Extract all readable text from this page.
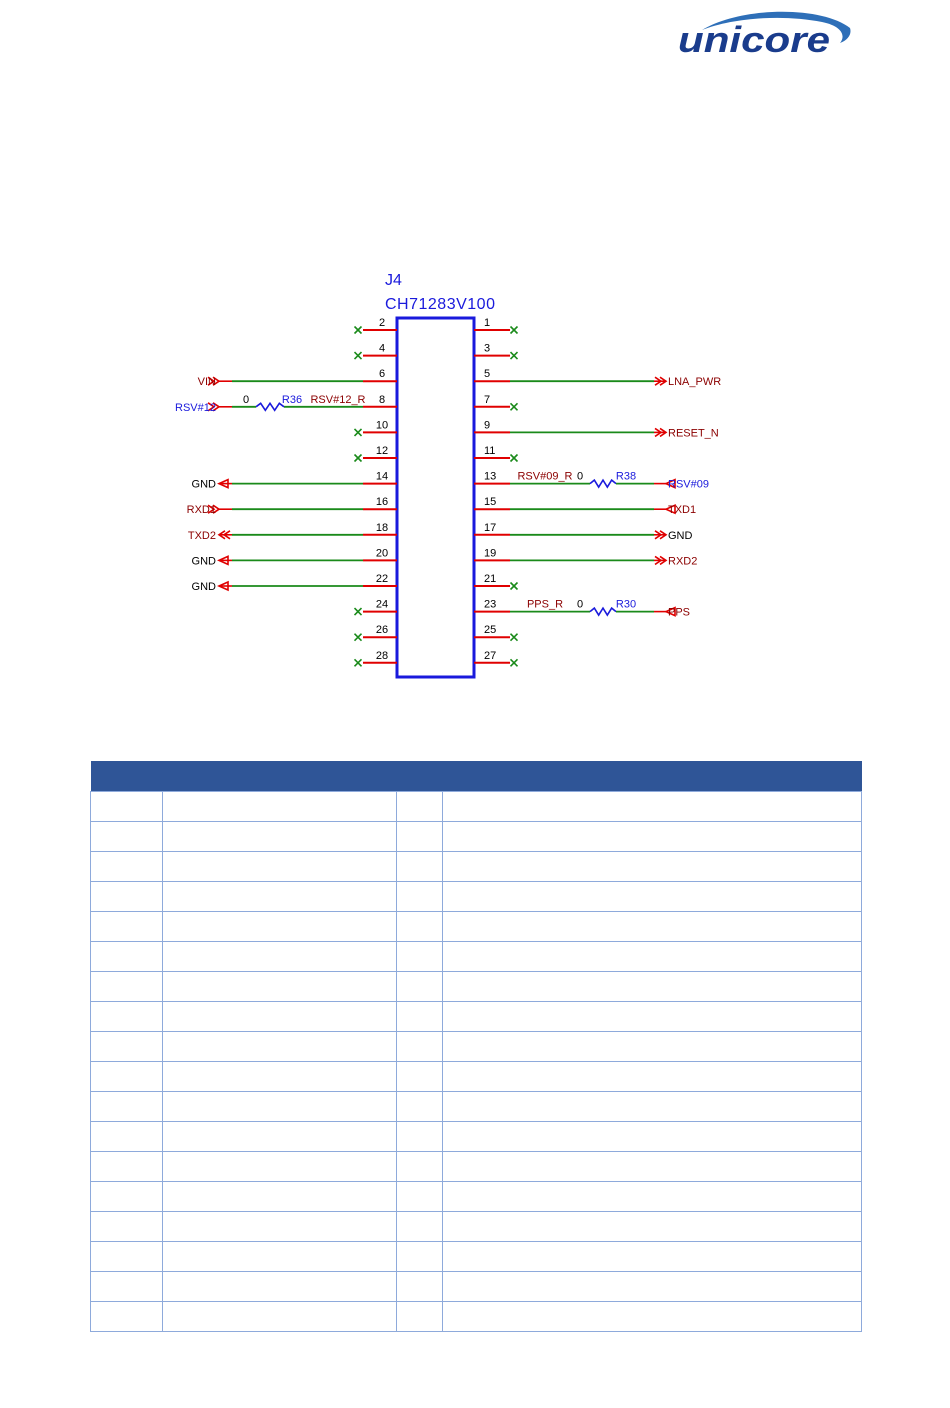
unicore
J4
CH71283V100
2
4
6
VIN
8
0	R36 RSV#12_R
RSV#12
10
12
14
GND
16
RXD1
18
TXD2
20
GND
22
GND
24
26
28
1
3
5
LNA_PWR
7
9
RESET_N
11
13	0	R38
RSV#09_R
RSV#09
15
TXD1
17
GND
19
RXD2
21
23	0	R30
PPS_R
PPS
25
27
